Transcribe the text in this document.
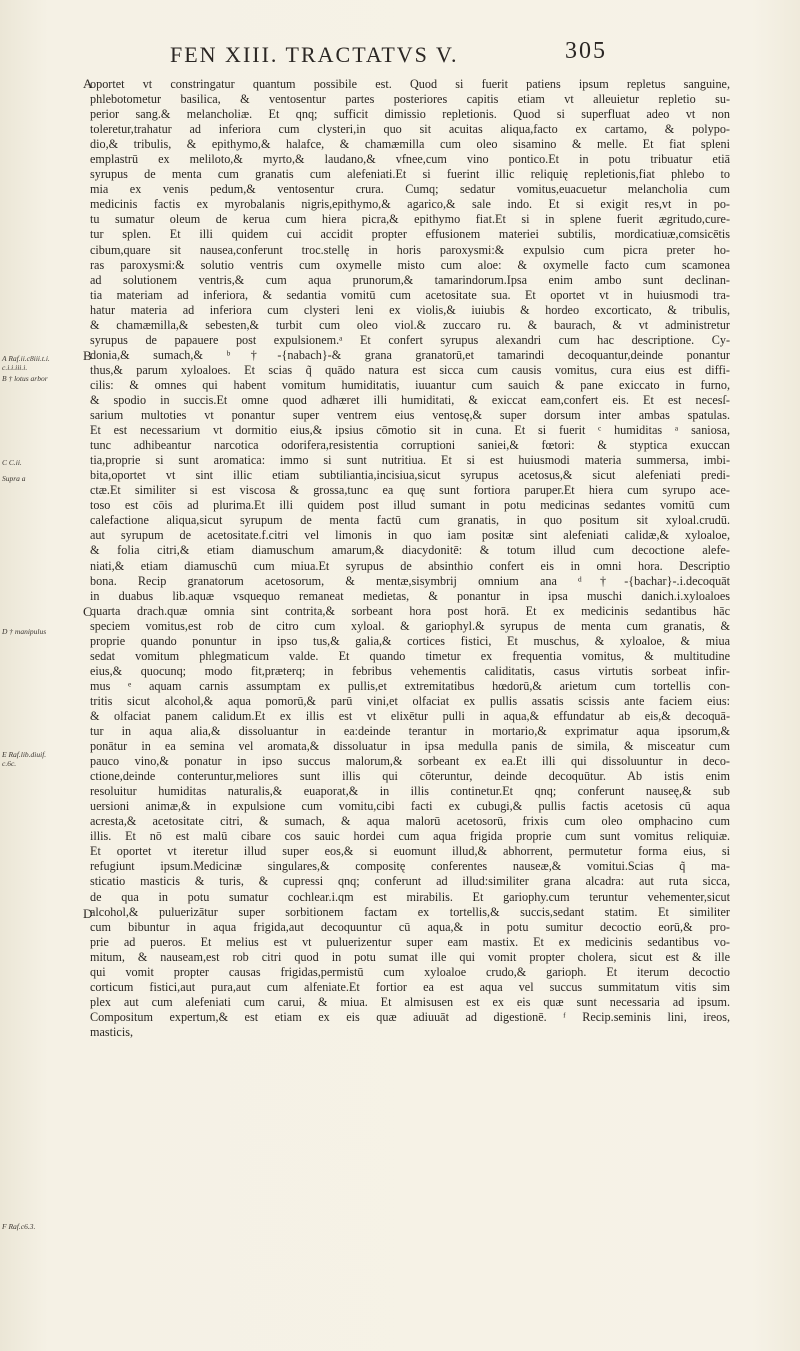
FEN XIII. TRACTATVS V.	305
A Raf.ii.c8iii.t.i.
c.i.i.iii.i.
B † lotus arbor
C C.ii.
Supra a
D † manipulus
E Raf.lib.diuif.
c.6c.
F Raf.c6.3.
A
B
C
D
oportet vt constringatur quantum possibile est. Quod si fuerit patiens ipsum repletus sanguine,
phlebotometur basilica, & ventosentur partes posteriores capitis etiam vt alleuietur repletio su-
perior sang.& melancholiæ. Et qnq; sufficit dimissio repletionis. Quod si superfluat adeo vt non
toleretur,trahatur ad inferiora cum clysteri,in quo sit acuitas aliqua,facto ex cartamo, & polypo-
dio,& tribulis, & epithymo,& halafce, & chamæmilla cum oleo sisamino & melle. Et fiat spleni
emplastrū ex meliloto,& myrto,& laudano,& vfnee,cum vino pontico.Et in potu tribuatur etiā
syrupus de menta cum granatis cum alefeniati.Et si fuerint illic reliquię repletionis,fiat phlebo to
mia ex venis pedum,& ventosentur crura. Cumq; sedatur vomitus,euacuetur melancholia cum
medicinis factis ex myrobalanis nigris,epithymo,& agarico,& sale indo. Et si exigit res,vt in po-
tu sumatur oleum de kerua cum hiera picra,& epithymo fiat.Et si in splene fuerit ægritudo,cure-
tur splen. Et illi quidem cui accidit propter effusionem materiei subtilis, mordicatiuæ,comsicētis
cibum,quare sit nausea,conferunt troc.stellę in horis paroxysmi:& expulsio cum picra preter ho-
ras paroxysmi:& solutio ventris cum oxymelle misto cum aloe: & oxymelle facto cum scamonea
ad solutionem ventris,& cum aqua prunorum,& tamarindorum.Ipsa enim ambo sunt declinan-
tia materiam ad inferiora, & sedantia vomitū cum acetositate sua. Et oportet vt in huiusmodi tra-
hatur materia ad inferiora cum clysteri leni ex violis,& iuiubis & hordeo excorticato, & tribulis,
& chamæmilla,& sebesten,& turbit cum oleo viol.& zuccaro ru. & baurach, & vt administretur
syrupus de papauere post expulsionem.ᵃ Et confert syrupus alexandri cum hac descriptione. Cy-
donia,& sumach,& ᵇ†-{nabach}-& grana granatorū,et tamarindi decoquantur,deinde ponantur
thus,& parum xyloaloes. Et scias q̃ quādo natura est sicca cum causis vomitus, cura eius est diffi-
cilis: & omnes qui habent vomitum humiditatis, iuuantur cum sauich & pane exiccato in furno,
& spodio in succis.Et omne quod adhæret illi humiditati, & exiccat eam,confert eis. Et est necesſ-
sarium multoties vt ponantur super ventrem eius ventosę,& super dorsum inter ambas spatulas.
Et est necessarium vt dormitio eius,& ipsius cōmotio sit in cuna. Et si fuerit ᶜ humiditas ᵃ saniosa,
tunc adhibeantur narcotica odorifera,resistentia corruptioni saniei,& fœtori: & styptica exuccan
tia,proprie si sunt aromatica: immo si sunt nutritiua. Et si est huiusmodi materia summersa, imbi-
bita,oportet vt sint illic etiam subtiliantia,incisiua,sicut syrupus acetosus,& sicut alefeniati predi-
ctæ.Et similiter si est viscosa & grossa,tunc ea quę sunt fortiora paruper.Et hiera cum syrupo ace-
toso est cōis ad plurima.Et illi quidem post illud sumant in potu medicinas sedantes vomitū cum
calefactione aliqua,sicut syrupum de menta factū cum granatis, in quo positum sit xyloal.crudū.
aut syrupum de acetositate.f.citri vel limonis in quo iam positæ sint alefeniati calidæ,& xyloaloe,
& folia citri,& etiam diamuschum amarum,& diacydonitē: & totum illud cum decoctione alefe-
niati,& etiam diamuschū cum miua.Et syrupus de absinthio confert eis in omni hora. Descriptio
bona. Recip granatorum acetosorum, & mentæ,sisymbrij omnium ana ᵈ†-{bachar}-.i.decoquāt
in duabus lib.aquæ vsquequo remaneat medietas, & ponantur in ipsa muschi danich.i.xyloaloes
quarta drach.quæ omnia sint contrita,& sorbeant hora post horā. Et ex medicinis sedantibus hāc
speciem vomitus,est rob de citro cum xyloal. & gariophyl.& syrupus de menta cum granatis, &
proprie quando ponuntur in ipso tus,& galia,& cortices fistici, Et muschus, & xyloaloe, & miua
sedat vomitum phlegmaticum valde. Et quando timetur ex frequentia vomitus, & multitudine
eius,& quocunq; modo fit,præterq; in febribus vehementis caliditatis, casus virtutis sorbeat infir-
mus ᵉ aquam carnis assumptam ex pullis,et extremitatibus hœdorū,& arietum cum tortellis con-
tritis sicut alcohol,& aqua pomorū,& parū vini,et olfaciat ex pullis assatis scissis ante faciem eius:
& olfaciat panem calidum.Et ex illis est vt elixētur pulli in aqua,& effundatur ab eis,& decoquā-
tur in aqua alia,& dissoluantur in ea:deinde terantur in mortario,& exprimatur aqua ipsorum,&
ponātur in ea semina vel aromata,& dissoluatur in ipsa medulla panis de simila, & misceatur cum
pauco vino,& ponatur in ipso succus malorum,& sorbeant ex ea.Et illi qui dissoluuntur in deco-
ctione,deinde conteruntur,meliores sunt illis qui cōteruntur, deinde decoquūtur. Ab istis enim
resoluitur humiditas naturalis,& euaporat,& in illis continetur.Et qnq; conferunt nauseę,& sub
uersioni animæ,& in expulsione cum vomitu,cibi facti ex cubugi,& pullis factis acetosis cū aqua
acresta,& acetositate citri, & sumach, & aqua malorū acetosorū, frixis cum oleo omphacino cum
illis. Et nō est malū cibare cos sauic hordei cum aqua frigida proprie cum sunt vomitus reliquiæ.
Et oportet vt iteretur illud super eos,& si euomunt illud,& abhorrent, permutetur forma eius, si
refugiunt ipsum.Medicinæ singulares,& compositę conferentes nauseæ,& vomitui.Scias q̃ ma-
sticatio masticis & turis, & cupressi qnq; conferunt ad illud:similiter grana alcadra: aut ruta sicca,
de qua in potu sumatur cochlear.i.qm est mirabilis. Et gariophy.cum teruntur vehementer,sicut
alcohol,& puluerizātur super sorbitionem factam ex tortellis,& succis,sedant statim. Et similiter
cum bibuntur in aqua frigida,aut decoquuntur cū aqua,& in potu sumitur decoctio eorū,& pro-
prie ad pueros. Et melius est vt puluerizentur super eam mastix. Et ex medicinis sedantibus vo-
mitum, & nauseam,est rob citri quod in potu sumat ille qui vomit propter cholera, sicut est & ille
qui vomit propter causas frigidas,permistū cum xyloaloe crudo,& garioph. Et iterum decoctio
corticum fistici,aut pura,aut cum alfeniate.Et fortior ea est aqua vel succus summitatum vitis sim
plex aut cum alefeniati cum carui, & miua. Et almisusen est ex eis quæ sunt necessaria ad ipsum.
Compositum expertum,& est etiam ex eis quæ adiuuāt ad digestionē. ᶠ Recip.seminis lini, ireos,
masticis,
